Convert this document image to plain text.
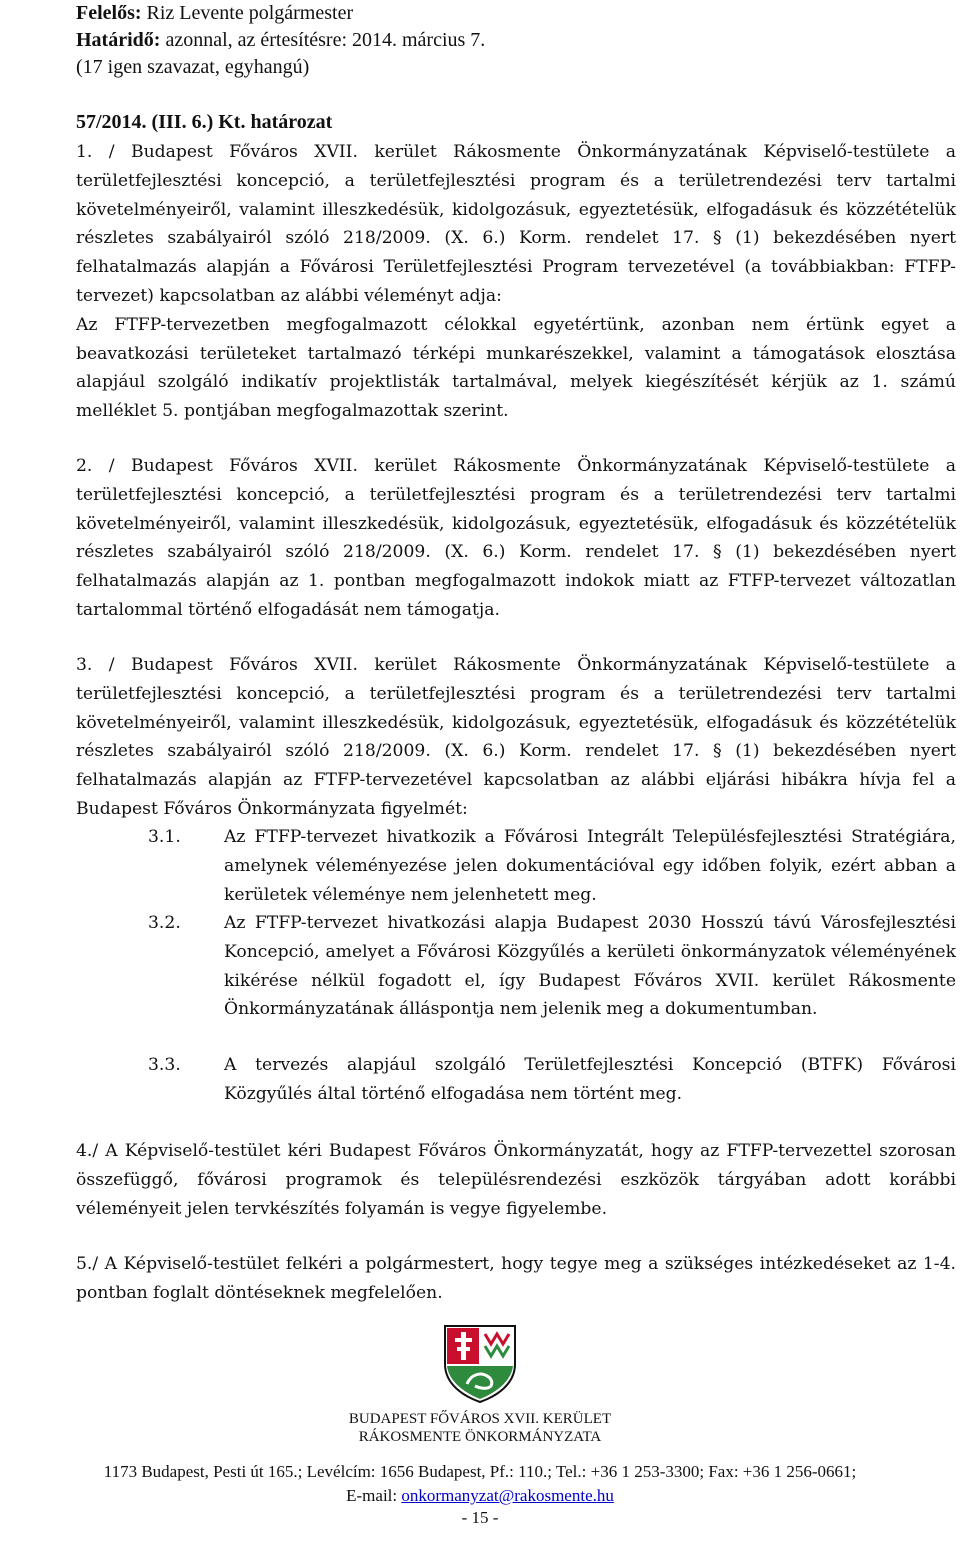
Felelős: Riz Levente polgármester
Határidő: azonnal, az értesítésre: 2014. március 7.
(17 igen szavazat, egyhangú)
57/2014. (III. 6.) Kt. határozat

1. / Budapest Főváros XVII. kerület Rákosmente Önkormányzatának Képviselő-testülete a területfejlesztési koncepció, a területfejlesztési program és a területrendezési terv tartalmi követelményeiről, valamint illeszkedésük, kidolgozásuk, egyeztetésük, elfogadásuk és közzétételük részletes szabályairól szóló 218/2009. (X. 6.) Korm. rendelet 17. § (1) bekezdésében nyert felhatalmazás alapján a Fővárosi Területfejlesztési Program tervezetével (a továbbiakban: FTFP-tervezet) kapcsolatban az alábbi véleményt adja:

Az FTFP-tervezetben megfogalmazott célokkal egyetértünk, azonban nem értünk egyet a beavatkozási területeket tartalmazó térképi munkarészekkel, valamint a támogatások elosztása alapjául szolgáló indikatív projektlisták tartalmával, melyek kiegészítését kérjük az 1. számú melléklet 5. pontjában megfogalmazottak szerint.

2. / Budapest Főváros XVII. kerület Rákosmente Önkormányzatának Képviselő-testülete a területfejlesztési koncepció, a területfejlesztési program és a területrendezési terv tartalmi követelményeiről, valamint illeszkedésük, kidolgozásuk, egyeztetésük, elfogadásuk és közzétételük részletes szabályairól szóló 218/2009. (X. 6.) Korm. rendelet 17. § (1) bekezdésében nyert felhatalmazás alapján az 1. pontban megfogalmazott indokok miatt az FTFP-tervezet változatlan tartalommal történő elfogadását nem támogatja.

3. / Budapest Főváros XVII. kerület Rákosmente Önkormányzatának Képviselő-testülete a területfejlesztési koncepció, a területfejlesztési program és a területrendezési terv tartalmi követelményeiről, valamint illeszkedésük, kidolgozásuk, egyeztetésük, elfogadásuk és közzétételük részletes szabályairól szóló 218/2009. (X. 6.) Korm. rendelet 17. § (1) bekezdésében nyert felhatalmazás alapján az FTFP-tervezetével kapcsolatban az alábbi eljárási hibákra hívja fel a Budapest Főváros Önkormányzata figyelmét:

3.1.	Az FTFP-tervezet hivatkozik a Fővárosi Integrált Településfejlesztési Stratégiára, amelynek véleményezése jelen dokumentációval egy időben folyik, ezért abban a kerületek véleménye nem jelenhetett meg.
3.2.	Az FTFP-tervezet hivatkozási alapja Budapest 2030 Hosszú távú Városfejlesztési Koncepció, amelyet a Fővárosi Közgyűlés a kerületi önkormányzatok véleményének kikérése nélkül fogadott el, így Budapest Főváros XVII. kerület Rákosmente Önkormányzatának álláspontja nem jelenik meg a dokumentumban.
3.3.	A tervezés alapjául szolgáló Területfejlesztési Koncepció (BTFK) Fővárosi Közgyűlés által történő elfogadása nem történt meg.

4./ A Képviselő-testület kéri Budapest Főváros Önkormányzatát, hogy az FTFP-tervezettel szorosan összefüggő, fővárosi programok és településrendezési eszközök tárgyában adott korábbi véleményeit jelen tervkészítés folyamán is vegye figyelembe.

5./ A Képviselő-testület felkéri a polgármestert, hogy tegye meg a szükséges intézkedéseket az 1-4. pontban foglalt döntéseknek megfelelően.

BUDAPEST FŐVÁROS XVII. KERÜLET
RÁKOSMENTE ÖNKORMÁNYZATA
1173 Budapest, Pesti út 165.; Levélcím: 1656 Budapest, Pf.: 110.; Tel.: +36 1 253-3300; Fax: +36 1 256-0661;
E-mail: onkormanyzat@rakosmente.hu
- 15 -
